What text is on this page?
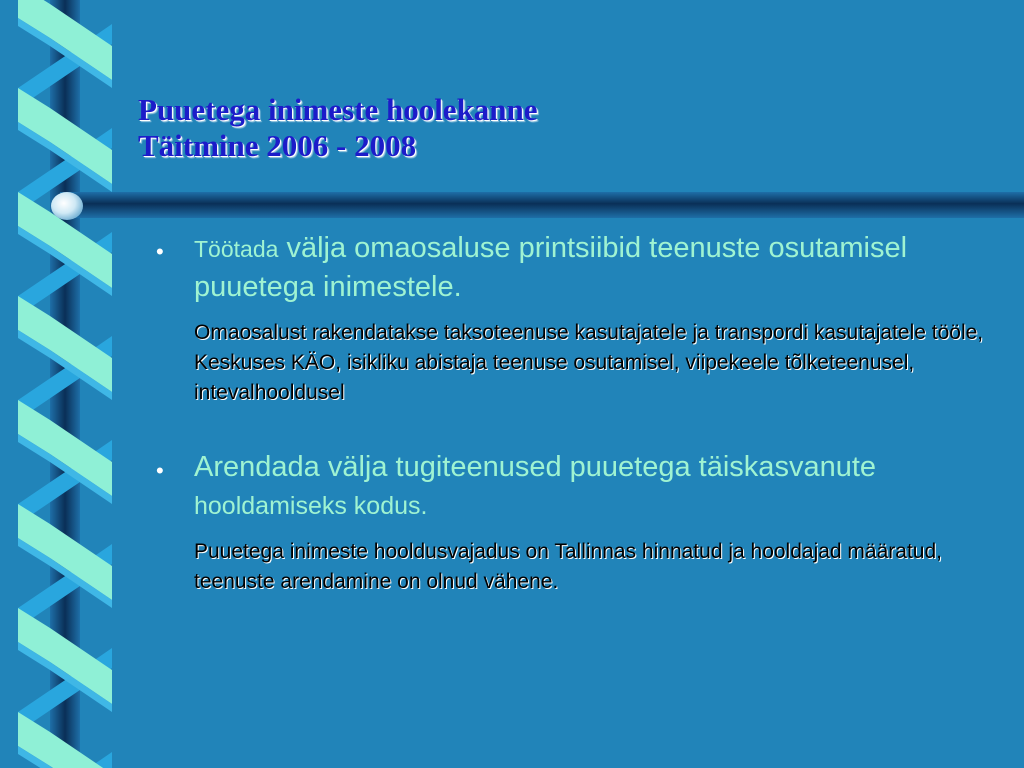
Puuetega inimeste hoolekanne
Täitmine 2006 - 2008
• Töötada välja omaosaluse printsiibid teenuste osutamisel puuetega inimestele.
Omaosalust rakendatakse taksoteenuse kasutajatele ja transpordi kasutajatele tööle, Keskuses KÄO, isikliku abistaja teenuse osutamisel, viipekeele tõlketeenusel, intevalhooldusel
• Arendada välja tugiteenused puuetega täiskasvanute
hooldamiseks kodus.
Puuetega inimeste hooldusvajadus on Tallinnas hinnatud ja hooldajad määratud, teenuste arendamine on olnud vähene.
